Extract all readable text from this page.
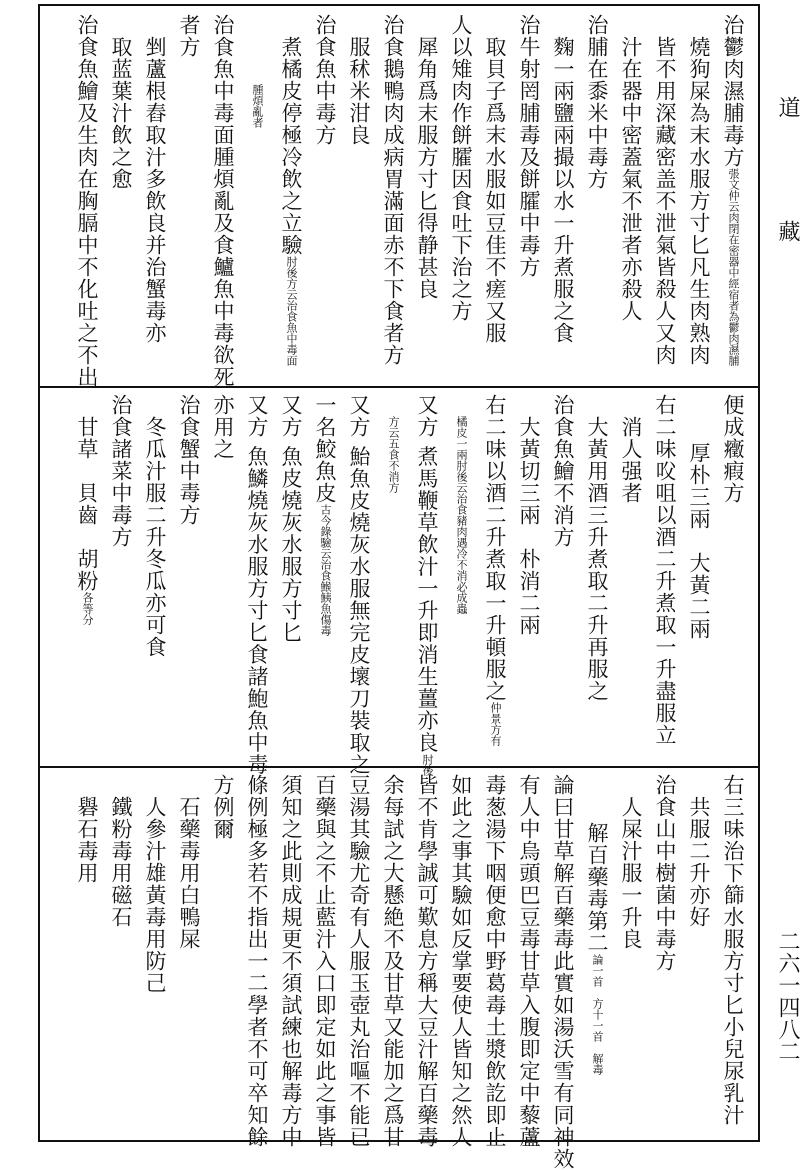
道　藏
二六一四八二
治鬱肉濕脯毒方張文仲云肉閉在密器中經宿者為鬱肉濕脯
燒狗屎為末水服方寸匕凡生肉熟肉
皆不用深藏密盖不泄氣皆殺人又肉
汁在器中密蓋氣不泄者亦殺人
治脯在黍米中毒方
麴一兩鹽兩撮以水一升煮服之食
治牛射罔脯毒及餅臛中毒方
取貝子爲末水服如豆佳不瘥又服
人以雉肉作餅臛因食吐下治之方
犀角爲末服方寸匕得静甚良
治食鵝鴨肉成病胃滿面赤不下食者方
服秫米泔良
治食魚中毒方
煮橘皮停極冷飲之立驗肘後方云治食魚中毒面
腫煩亂者
治食魚中毒面腫煩亂及食鱸魚中毒欲死
者方
剉蘆根舂取汁多飲良并治蟹毒亦
取蓝葉汁飲之愈
治食魚鱠及生肉在胸膈中不化吐之不出
便成癥瘕方
厚朴三兩　大黃二兩
右二味㕮咀以酒二升煮取一升盡服立
消人强者
大黃用酒三升煮取二升再服之
治食魚鱠不消方
大黃切三兩　朴消二兩
右二味以酒二升煮取一升頓服之仲景方有
橘皮一兩肘後云治食豬肉遇冷不消必成蟲
又方 煮馬鞭草飲汁一升即消生薑亦良肘後
方云五食不消方
又方 鮐魚皮燒灰水服無完皮壞刀裝取之
一名鮫魚皮古今錄驗云治食鯸鮧魚傷毒
又方 魚皮燒灰水服方寸匕
又方 魚鱗燒灰水服方寸匕食諸鮑魚中毒
亦用之
治食蟹中毒方
冬瓜汁服二升冬瓜亦可食
治食諸菜中毒方
甘草　貝齒　胡粉各等分
右三味治下篩水服方寸匕小兒尿乳汁
共服二升亦好
治食山中樹菌中毒方
人屎汁服一升良
解百藥毒第二論一首　方十一首　解毒
論曰甘草解百藥毒此實如湯沃雪有同神效
有人中烏頭巴豆毒甘草入腹即定中藜蘆
毒葱湯下咽便愈中野葛毒土漿飲訖即止
如此之事其驗如反掌要使人皆知之然人
皆不肯學誠可歎息方稱大豆汁解百藥毒
余每試之大懸絶不及甘草又能加之爲甘
豆湯其驗尤奇有人服玉壺丸治嘔不能已
百藥與之不止藍汁入口即定如此之事皆
須知之此則成規更不須試練也解毒方中
條例極多若不指出一二學者不可卒知餘
方例爾
石藥毒用白鴨屎
人參汁雄黃毒用防己
鐵粉毒用磁石
礜石毒用
